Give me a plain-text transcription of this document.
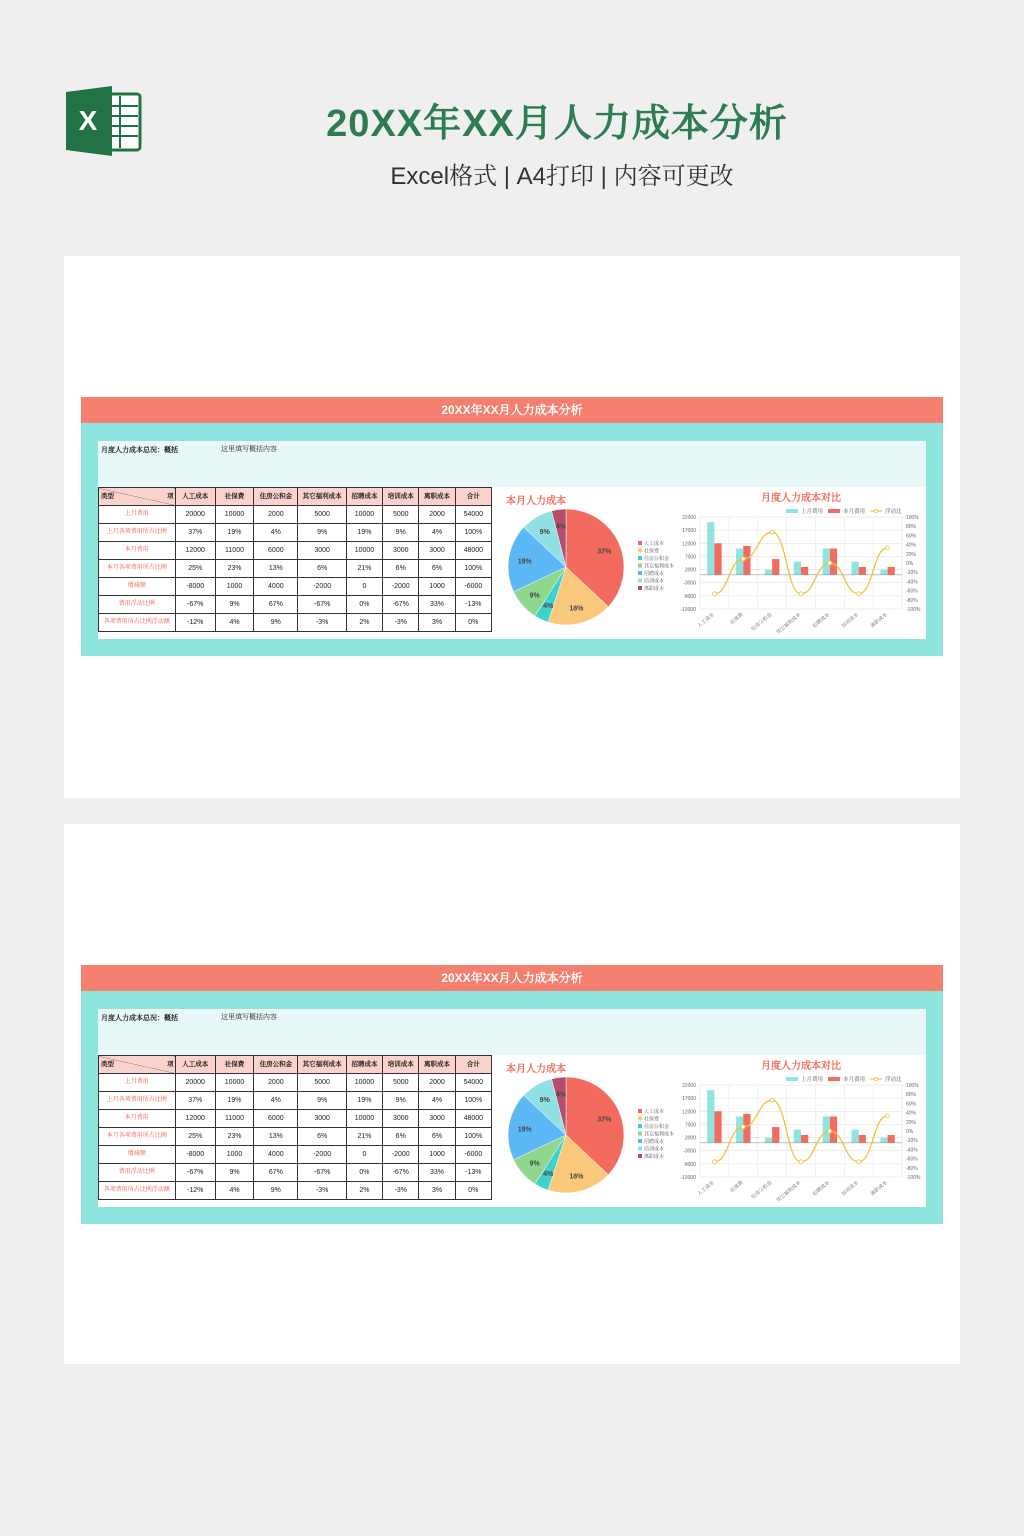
X	20XX年XX月人力成本分析
Excel格式 | A4打印 | 内容可更改
20XX年XX月人力成本分析
月度人力成本总况：概括	这里填写概括内容
类型 项	人工成本	社保费	住房公积金	其它福利成本	招聘成本	培训成本	离职成本	合计
上月费用	20000	10000	2000	5000	10000	5000	2000	54000
上月各项费用所占比例	37%	19%	4%	9%	19%	9%	4%	100%
本月费用	12000	11000	6000	3000	10000	3000	3000	48000
本月各项费用所占比例	25%	23%	13%	6%	21%	6%	6%	100%
增减额	-8000	1000	4000	-2000	0	-2000	1000	-6000
费用浮动比例	-67%	9%	67%	-67%	0%	-67%	33%	-13%
各项费用所占比例浮动额	-12%	4%	9%	-3%	2%	-3%	3%	0%
本月人力成本
37%
18%
4%
9%
19%
9%
4%
人工成本
社保费
住房公积金
其它福利成本
招聘成本
培训成本
离职成本
月度人力成本对比
22000
17000
12000
7000
2000
-3000
-8000
-13000
100%
80%
60%
40%
20%
0%
-20%
-40%
-60%
-80%
-100%
人工成本	社保费 住房公积金 其它福利成本 招聘成本 培训成本 离职成本
上月费用	本月费用	浮动比
20XX年XX月人力成本分析
月度人力成本总况：概括	这里填写概括内容
类型 项	人工成本	社保费	住房公积金	其它福利成本	招聘成本	培训成本	离职成本	合计
上月费用	20000	10000	2000	5000	10000	5000	2000	54000
上月各项费用所占比例	37%	19%	4%	9%	19%	9%	4%	100%
本月费用	12000	11000	6000	3000	10000	3000	3000	48000
本月各项费用所占比例	25%	23%	13%	6%	21%	6%	6%	100%
增减额	-8000	1000	4000	-2000	0	-2000	1000	-6000
费用浮动比例	-67%	9%	67%	-67%	0%	-67%	33%	-13%
各项费用所占比例浮动额	-12%	4%	9%	-3%	2%	-3%	3%	0%
本月人力成本
37%
18%
4%
9%
19%
9%
4%
人工成本
社保费
住房公积金
其它福利成本
招聘成本
培训成本
离职成本
月度人力成本对比
22000
17000
12000
7000
2000
-3000
-8000
-13000
100%
80%
60%
40%
20%
0%
-20%
-40%
-60%
-80%
-100%
人工成本	社保费 住房公积金 其它福利成本 招聘成本 培训成本 离职成本
上月费用	本月费用	浮动比
